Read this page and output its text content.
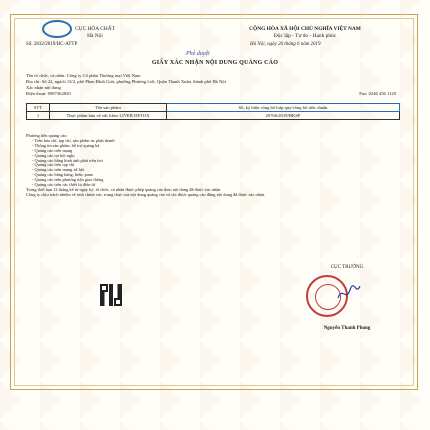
CỤC HÓA CHẤT
Hà Nội
CỘNG HÒA XÃ HỘI CHỦ NGHĨA VIỆT NAM
Độc lập - Tự do - Hạnh phúc
Số: 2832/2019/HC-ATTP	Hà Nội, ngày 26 tháng 6 năm 2019
Phê duyệt
GIẤY XÁC NHẬN NỘI DUNG QUẢNG CÁO
Tên tổ chức, cá nhân: Công ty Cổ phần Thương mại Việt Nam
Địa chỉ: Số 22, ngách 13/2, phố Phan Đình Giót, phường Phương Liệt, Quận Thanh Xuân, thành phố Hà Nội
Xác nhận nội dung
Điện thoại: 0987362829	Fax: 0246 456 1120
STT	Tên sản phẩm	Số, ký hiệu công bố hợp quy/công bố tiêu chuẩn
1	Thực phẩm bảo vệ sức khỏe LIVER DETOX	20766/2019/ĐKSP
Phương tiện quảng cáo:
- Trên báo chí, tạp chí, sản phẩm in, phát thanh
- Thông tin sản phẩm, hỗ trợ quảng bá
- Quảng cáo trên mạng
- Quảng cáo tại hội nghị
- Quảng cáo bằng hình ảnh phát trên tivi
- Quảng cáo trên tạp chí
- Quảng cáo trên mạng xã hội
- Quảng cáo bằng bảng, biển, pano
- Quảng cáo trên phương tiện giao thông
- Quảng cáo trên các thiết bị điện tử
Trong thời hạn 12 tháng kể từ ngày ký, tổ chức, cá nhân được phép quảng cáo theo nội dung đã được xác nhận.
Công ty chịu trách nhiệm về tính chính xác, trung thực của nội dung quảng cáo và chỉ được quảng cáo đúng nội dung đã được xác nhận.
CỤC TRƯỞNG
Nguyễn Thanh Phong
